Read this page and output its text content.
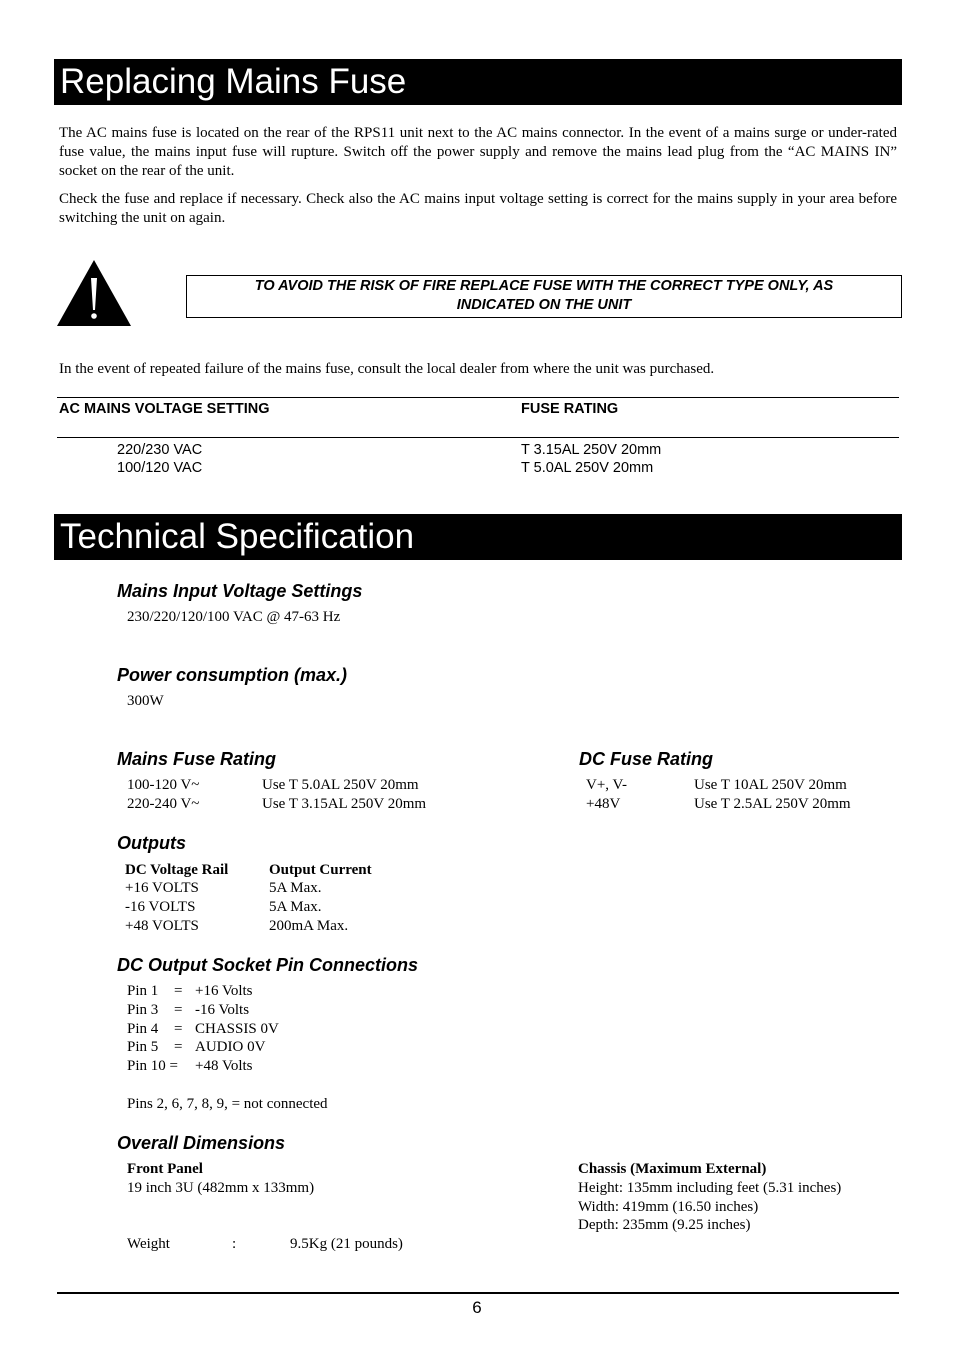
Replacing Mains Fuse
The AC mains fuse is located on the rear of the RPS11 unit next to the AC mains connector. In the event of a mains surge or under-rated fuse value, the mains input fuse will rupture. Switch off the power supply and remove the mains lead plug from the “AC MAINS IN” socket on the rear of the unit.
Check the fuse and replace if necessary. Check also the AC mains input voltage setting is correct for the mains supply in your area before switching the unit on again.
TO AVOID THE RISK OF FIRE REPLACE FUSE WITH THE CORRECT TYPE ONLY, AS
INDICATED ON THE UNIT
In the event of repeated failure of the mains fuse, consult the local dealer from where the unit was purchased.
AC MAINS VOLTAGE SETTING	FUSE RATING
220/230 VAC	T 3.15AL 250V 20mm
100/120 VAC	T 5.0AL 250V 20mm
Technical Specification
Mains Input Voltage Settings
230/220/120/100 VAC @ 47-63 Hz
Power consumption (max.)
300W
Mains Fuse Rating
100-120 V~	Use T 5.0AL 250V 20mm
220-240 V~	Use T 3.15AL 250V 20mm
DC Fuse Rating
V+, V-	Use T 10AL 250V 20mm
+48V	Use T 2.5AL 250V 20mm
Outputs
DC Voltage Rail	Output Current
+16 VOLTS	5A Max.
-16 VOLTS	5A Max.
+48 VOLTS	200mA Max.
DC Output Socket Pin Connections
Pin 1 = +16 Volts
Pin 3 = -16 Volts
Pin 4 = CHASSIS 0V
Pin 5 = AUDIO 0V
Pin 10 = +48 Volts
Pins 2, 6, 7, 8, 9, = not connected
Overall Dimensions
Front Panel
19 inch 3U (482mm x 133mm)
Chassis (Maximum External)
Height: 135mm including feet (5.31 inches)
Width: 419mm (16.50 inches)
Depth: 235mm (9.25 inches)
Weight	:	9.5Kg (21 pounds)
6
